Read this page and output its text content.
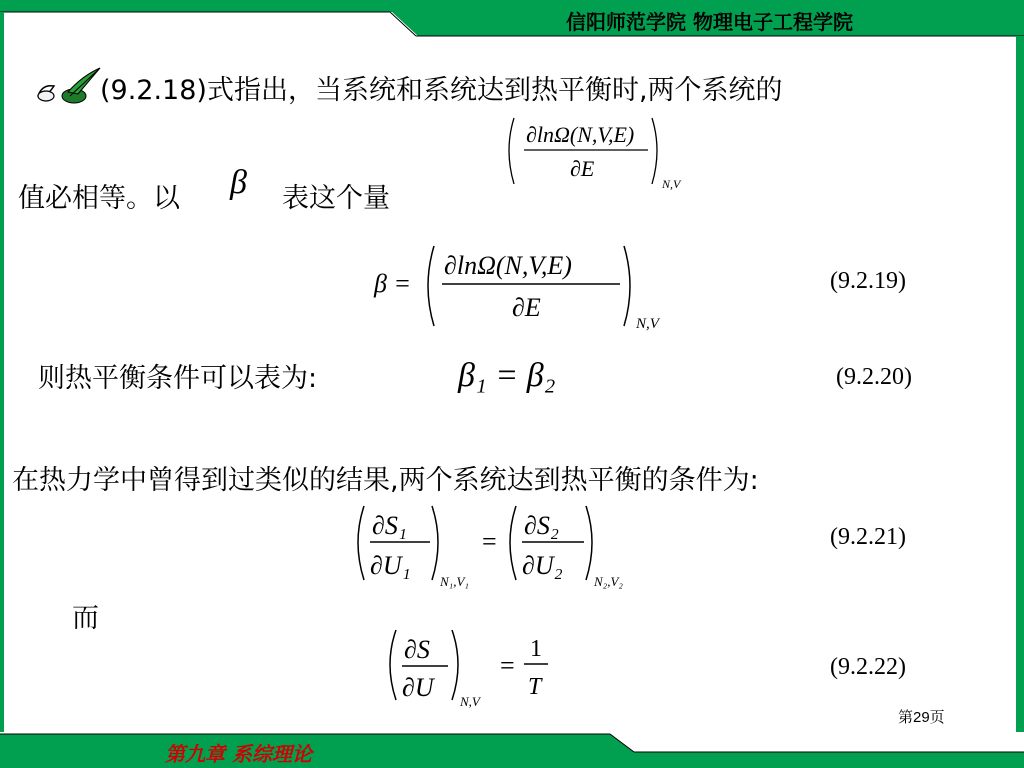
信阳师范学院 物理电子工程学院
(9.2.18)式指出，当系统和系统达到热平衡时,两个系统的
值必相等。以 β 表这个量
则热平衡条件可以表为:
在热力学中曾得到过类似的结果,两个系统达到热平衡的条件为:
而
∂lnΩ(N,V,E)
∂E
N,V
β =
∂lnΩ(N,V,E)
∂E
N,V
(9.2.19)
β₁ = β₂	(9.2.20)
∂S₁
∂U₁
N₁,V₁
=
∂S₂
∂U₂
N₂,V₂
(9.2.21)
∂S
∂U N,V
=
1
T
(9.2.22)
第29页
第九章 系综理论
